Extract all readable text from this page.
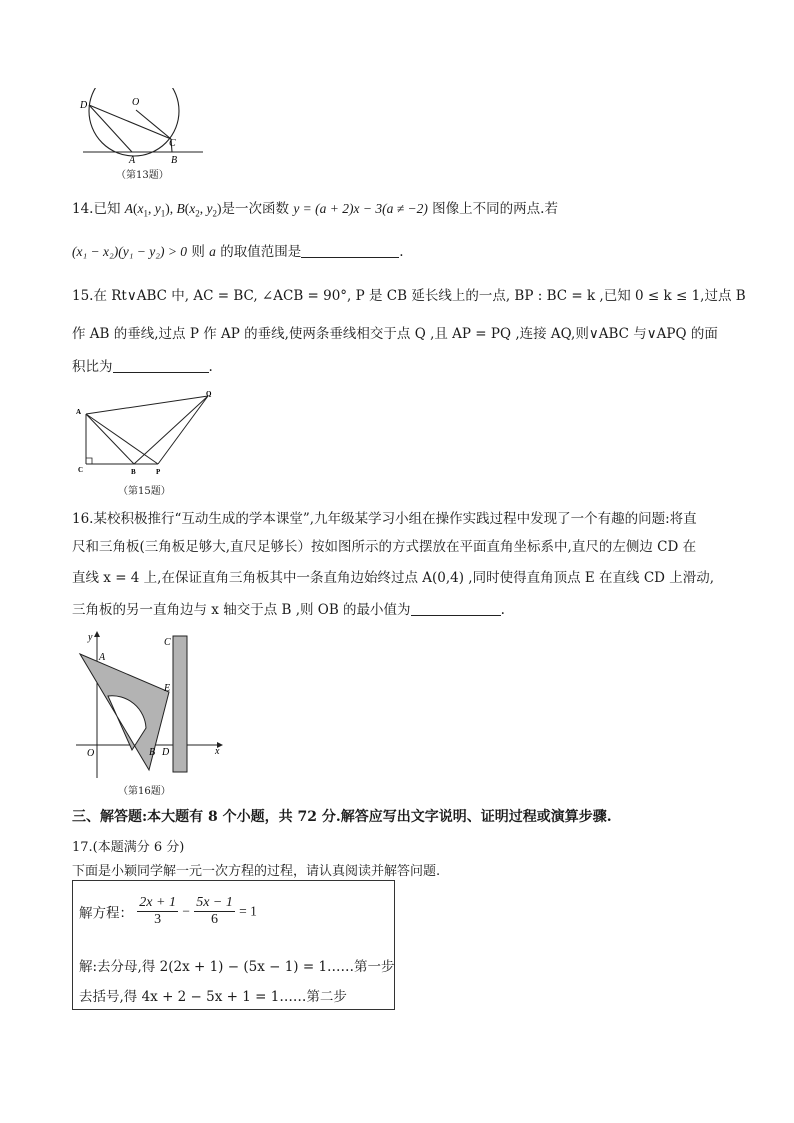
D	O
C
A	B
（第13题）
14.已知 $A(x_1$, $y_1$), $B(x_2$, $y_2$)是一次函数 y = (a + 2)x − 3(a ≠ −2) 图像上不同的两点.若
(x₁ − x₂)(y₁ − y₂) > 0 则 a 的取值范围是	.
15.在 Rt∨ABC 中, AC = BC, ∠ACB = 90°, P 是 CB 延长线上的一点, BP : BC = k ,已知 0 ≤ k ≤ 1,过点 B
作 AB 的垂线,过点 P 作 AP 的垂线,使两条垂线相交于点 Q ,且 AP = PQ ,连接 AQ,则∨ABC 与∨APQ 的面
积比为	.
A
Q
C	B	P
（第15题）
16.某校积极推行“互动生成的学本课堂”,九年级某学习小组在操作实践过程中发现了一个有趣的问题:将直
尺和三角板(三角板足够大,直尺足够长）按如图所示的方式摆放在平面直角坐标系中,直尺的左侧边 CD 在
直线 x = 4 上,在保证直角三角板其中一条直角边始终过点 A(0,4) ,同时使得直角顶点 E 在直线 CD 上滑动,
三角板的另一直角边与 x 轴交于点 B ,则 OB 的最小值为	.
y
A
C
E
O	B D	x
（第16题）
三、解答题:本大题有 8 个小题，共 72 分.解答应写出文字说明、证明过程或演算步骤.
17.(本题满分 6 分)
下面是小颖同学解一元一次方程的过程，请认真阅读并解答问题.
解方程： $\frac{2x + 1}{3} - \frac{5x - 1}{6} = 1$
解:去分母,得 2(2x + 1) − (5x − 1) = 1……第一步
去括号,得 4x + 2 − 5x + 1 = 1……第二步
